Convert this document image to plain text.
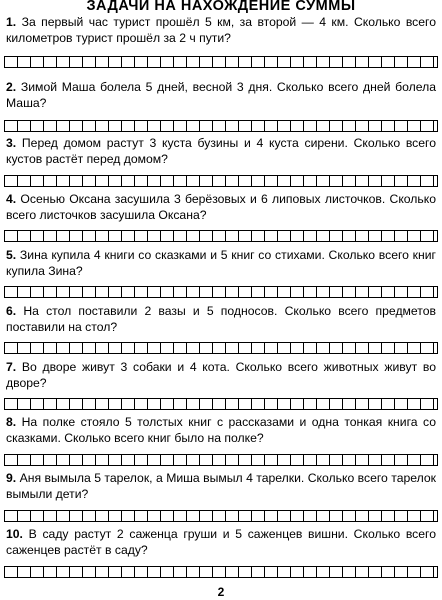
ЗАДАЧИ НА НАХОЖДЕНИЕ СУММЫ
1. За первый час турист прошёл 5 км, за второй — 4 км. Сколько всего километров турист прошёл за 2 ч пути?
2. Зимой Маша болела 5 дней, весной 3 дня. Сколько всего дней болела Маша?
3. Перед домом растут 3 куста бузины и 4 куста сирени. Сколько всего кустов растёт перед домом?
4. Осенью Оксана засушила 3 берёзовых и 6 липовых листочков. Сколько всего листочков засушила Оксана?
5. Зина купила 4 книги со сказками и 5 книг со стихами. Сколько всего книг купила Зина?
6. На стол поставили 2 вазы и 5 подносов. Сколько всего предметов поставили на стол?
7. Во дворе живут 3 собаки и 4 кота. Сколько всего животных живут во дворе?
8. На полке стояло 5 толстых книг с рассказами и одна тонкая книга со сказками. Сколько всего книг было на полке?
9. Аня вымыла 5 тарелок, а Миша вымыл 4 тарелки. Сколько всего тарелок вымыли дети?
10. В саду растут 2 саженца груши и 5 саженцев вишни. Сколько всего саженцев растёт в саду?
2
